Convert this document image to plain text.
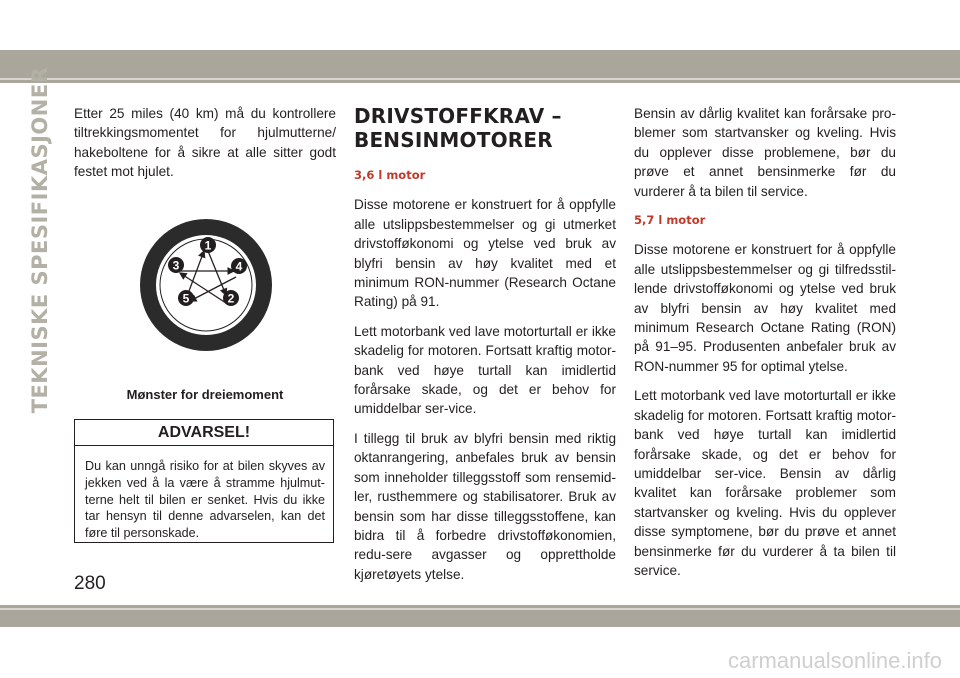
TEKNISKE SPESIFIKASJONER Etter 25 miles (40 km) må du kontrollere tiltrekkingsmomentet for hjulmutterne/ hakeboltene for å sikre at alle sitter godt festet mot hjulet.

1
2
3	4
5
Mønster for dreiemoment
ADVARSEL!
Du kan unngå risiko for at bilen skyves av jekken ved å la være å stramme hjulmut-terne helt til bilen er senket. Hvis du ikke tar hensyn til denne advarselen, kan det føre til personskade.
DRIVSTOFFKRAV –
BENSINMOTORER
3,6 l motor

Disse motorene er konstruert for å oppfylle alle utslippsbestemmelser og gi utmerket drivstofføkonomi og ytelse ved bruk av blyfri bensin av høy kvalitet med et minimum RON-nummer (Research Octane Rating) på 91.

Lett motorbank ved lave motorturtall er ikke skadelig for motoren. Fortsatt kraftig motor-bank ved høye turtall kan imidlertid forårsake skade, og det er behov for umiddelbar ser-vice.

I tillegg til bruk av blyfri bensin med riktig oktanrangering, anbefales bruk av bensin som inneholder tilleggsstoff som rensemid-ler, rusthemmere og stabilisatorer. Bruk av bensin som har disse tilleggsstoffene, kan bidra til å forbedre drivstofføkonomien, redu-sere avgasser og opprettholde kjøretøyets ytelse.

Bensin av dårlig kvalitet kan forårsake pro-blemer som startvansker og kveling. Hvis du opplever disse problemene, bør du prøve et annet bensinmerke før du vurderer å ta bilen til service.

5,7 l motor

Disse motorene er konstruert for å oppfylle alle utslippsbestemmelser og gi tilfredsstil-lende drivstofføkonomi og ytelse ved bruk av blyfri bensin av høy kvalitet med minimum Research Octane Rating (RON) på 91–95. Produsenten anbefaler bruk av RON-nummer 95 for optimal ytelse.

Lett motorbank ved lave motorturtall er ikke skadelig for motoren. Fortsatt kraftig motor-bank ved høye turtall kan imidlertid forårsake skade, og det er behov for umiddelbar ser-vice. Bensin av dårlig kvalitet kan forårsake problemer som startvansker og kveling. Hvis du opplever disse symptomene, bør du prøve et annet bensinmerke før du vurderer å ta bilen til service.

280
carmanualsonline.info
